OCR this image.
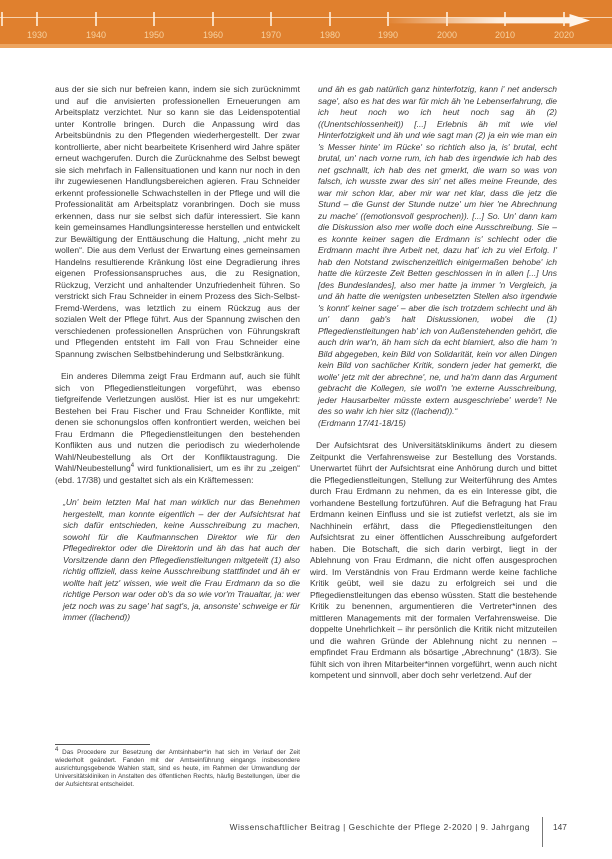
1930	1940	1950	1960	1970	1980	1990	2000	2010	2020

aus der sie sich nur befreien kann, indem sie sich zurücknimmt und auf die anvisierten professionellen Erneuerungen am Arbeitsplatz verzichtet. Nur so kann sie das Leidenspotential unter Kontrolle bringen. Durch die Anpassung wird das Arbeitsbündnis zu den Pflegenden wiederhergestellt. Der zwar kontrollierte, aber nicht bearbeitete Krisenherd wird Jahre später erneut wachgerufen. Durch die Zurücknahme des Selbst bewegt sie sich mehrfach in Fallensituationen und kann nur noch in den ihr zugewiesenen Handlungsbereichen agieren. Frau Schneider erkennt professionelle Schwachstellen in der Pflege und will die Professionalität am Arbeitsplatz voranbringen. Doch sie muss erkennen, dass nur sie selbst sich dafür interessiert. Sie kann kein gemeinsames Handlungsinteresse herstellen und entwickelt zur Bewältigung der Enttäuschung die Haltung, „nicht mehr zu wollen“. Die aus dem Verlust der Erwartung eines gemeinsamen Handelns resultierende Kränkung löst eine Degradierung ihres eigenen Professionsanspruches aus, die zu Resignation, Rückzug, Verzicht und anhaltender Unzufriedenheit führen. So verstrickt sich Frau Schneider in einem Prozess des Sich-Selbst-Fremd-Werdens, was letztlich zu einem Rückzug aus der sozialen Welt der Pflege führt. Aus der Spannung zwischen den verschiedenen professionellen Ansprüchen von Führungskraft und Pflegenden entsteht im Fall von Frau Schneider eine Spannung zwischen Selbstbehinderung und Selbstkränkung.

Ein anderes Dilemma zeigt Frau Erdmann auf, auch sie fühlt sich von Pflegedienstleitungen vorgeführt, was ebenso tiefgreifende Verletzungen auslöst. Hier ist es nur umgekehrt: Bestehen bei Frau Fischer und Frau Schneider Konflikte, mit denen sie schonungslos offen konfrontiert werden, weichen bei Frau Erdmann die Pflegedienstleitungen den bestehenden Konflikten aus und nutzen die periodisch zu wiederholende Wahl/Neubestellung als Ort der Konfliktaustragung. Die Wahl/Neubestellung$^4$ wird funktionalisiert, um es ihr zu „zeigen“ (ebd. 17/38) und gestaltet sich als ein Kräftemessen:

„Un' beim letzten Mal hat man wirklich nur das Benehmen hergestellt, man konnte eigentlich – der der Aufsichtsrat hat sich dafür entschieden, keine Ausschreibung zu machen, sowohl für die Kaufmannschen Direktor wie für den Pflegedirektor oder die Direktorin und äh das hat auch der Vorsitzende dann den Pflegedienstleitungen mitgeteilt (1) also richtig offiziell, dass keine Ausschreibung stattfindet und äh er wollte halt jetz' wissen, wie weit die Frau Erdmann da so die richtige Person war oder ob's da so wie vor'm Traualtar, ja: wer jetz noch was zu sage' hat sagt's, ja, ansonste' schweige er für immer ((lachend))

$^4$ Das Procedere zur Besetzung der Amtsinhaber*in hat sich im Verlauf der Zeit wiederholt geändert. Fanden mit der Amtseinführung eingangs insbesondere ausrichtungsgebende Wahlen statt, sind es heute, im Rahmen der Umwandlung der Universitätskliniken in Anstalten des öffentlichen Rechts, häufig Bestellungen, über die der Aufsichtsrat entscheidet.

und äh es gab natürlich ganz hinterfotzig, kann i' net andersch sage', also es hat des war für mich äh 'ne Lebenserfahrung, die ich heut noch wo ich heut noch sag äh (2) ((Unentschlossenheit)) [...] Erlebnis äh mit wie viel Hinterfotzigkeit und äh und wie sagt man (2) ja ein wie man ein 's Messer hinte' im Rücke' so richtich also ja, is' brutal, echt brutal, un' nach vorne rum, ich hab des irgendwie ich hab des net gschnallt, ich hab des net gmerkt, die warn so was von falsch, ich wusste zwar des sin' net alles meine Freunde, des war mir schon klar, aber mir war net klar, dass die jetz die Stund – die Gunst der Stunde nutze' um hier 'ne Abrechnung zu mache' ((emotionsvoll gesprochen)). [...] So. Un' dann kam die Diskussion also mer wolle doch eine Ausschreibung. Sie – es konnte keiner sagen die Erdmann is' schlecht oder die Erdmann macht ihre Arbeit net, dazu hat' ich zu viel Erfolg. I' hab den Notstand zwischenzeitlich einigermaßen behobe' ich hatte die kürzeste Zeit Betten geschlossen in in allen [...] Uns [des Bundeslandes], also mer hatte ja immer 'n Vergleich, ja und äh hatte die wenigsten unbesetzten Stellen also irgendwie 's konnt' keiner sage' – aber die isch trotzdem schlecht und äh un' dann gab's halt Diskussionen, wobei die (1) Pflegedienstleitungen hab' ich von Außenstehenden gehört, die auch drin war'n, äh ham sich da echt blamiert, also die ham 'n Bild abgegeben, kein Bild von Solidarität, kein vor allen Dingen kein Bild von sachlicher Kritik, sondern jeder hat gemerkt, die wolle' jetz mit der abrechne', ne, und ha'm dann das Argument gebracht die Kollegen, sie woll'n 'ne externe Ausschreibung, jeder Hausarbeiter müsste extern ausgeschriebe' werde'! Ne des so wahr ich hier sitz ((lachend)).“

(Erdmann 17/41-18/15)

Der Aufsichtsrat des Universitätsklinikums ändert zu diesem Zeitpunkt die Verfahrensweise zur Bestellung des Vorstands. Unerwartet führt der Aufsichtsrat eine Anhörung durch und bittet die Pflegedienstleitungen, Stellung zur Weiterführung des Amtes durch Frau Erdmann zu nehmen, da es ein Interesse gibt, die vorhandene Bestellung fortzuführen. Auf die Befragung hat Frau Erdmann keinen Einfluss und sie ist zutiefst verletzt, als sie im Nachhinein erfährt, dass die Pflegedienstleitungen den Aufsichtsrat zu einer öffentlichen Ausschreibung aufgefordert haben. Die Botschaft, die sich darin verbirgt, liegt in der Ablehnung von Frau Erdmann, die nicht offen ausgesprochen wird. Im Verständnis von Frau Erdmann werde keine fachliche Kritik geübt, weil sie dazu zu erfolgreich sei und die Pflegedienstleitungen das ebenso wüssten. Statt die bestehende Kritik zu benennen, argumentieren die Vertreter*innen des mittleren Managements mit der formalen Verfahrensweise. Die doppelte Unehrlichkeit – ihr persönlich die Kritik nicht mitzuteilen und die wahren Gründe der Ablehnung nicht zu nennen – empfindet Frau Erdmann als bösartige „Abrechnung“ (18/3). Sie fühlt sich von ihren Mitarbeiter*innen vorgeführt, wenn auch nicht kompetent und sinnvoll, aber doch sehr verletzend. Auf der

Wissenschaftlicher Beitrag | Geschichte der Pflege 2-2020 | 9. Jahrgang	147
